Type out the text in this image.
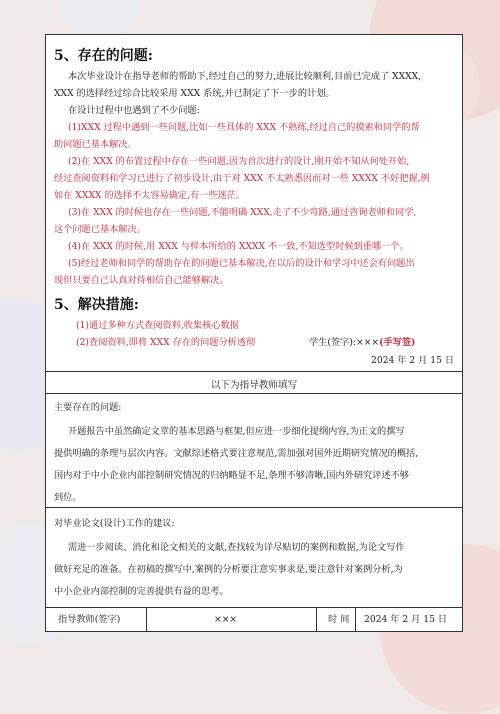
5、存在的问题:
本次毕业设计在指导老师的帮助下,经过自己的努力,进展比较顺利,目前已完成了 XXXX,
XXX 的选择经过综合比较采用 XXX 系统,并已制定了下一步的计划。
在设计过程中也遇到了不少问题:
(1)XXX 过程中遇到一些问题,比如一些具体的 XXX 不熟练,经过自己的摸索和同学的帮
助问题已基本解决。
(2)在 XXX 的布置过程中存在一些问题,因为首次进行的设计,刚开始不知从何处开始,
经过查阅资料和学习已进行了初步设计,由于对 XXX 不太熟悉因而对一些 XXXX 不好把握,例
如在 XXXX 的选择不太容易确定,有一些迷茫。
(3)在 XXX 的时候也存在一些问题,不能明确 XXX,走了不少弯路,通过咨询老师和同学,
这个问题已基本解决。
(4)在 XXX 的时候,用 XXX 与样本所给的 XXXX 不一致,不知选型时候到重哪一个。
(5)经过老师和同学的帮助存在的问题已基本解决,在以后的设计和学习中还会有问题出
现但只要自己认真对待相信自己能够解决。
5、解决措施:
(1)通过多种方式查阅资料,收集核心数据
(2)查阅资料,即将 XXX 存在的问题分析透彻	学生(签字):×××(手写签)
2024 年 2 月 15 日
以下为指导教师填写
主要存在的问题:
开题报告中虽然确定文章的基本思路与框架,但应进一步细化提纲内容,为正文的撰写
提供明确的条理与层次内容。文献综述格式要注意规范,需加强对国外近期研究情况的概括,
国内对于中小企业内部控制研究情况的归纳略显不足,条理不够清晰,国内外研究评述不够
到位。
对毕业论文(设计)工作的建议:
需进一步阅读、消化和论文相关的文献,查找较为详尽贴切的案例和数据,为论文写作
做好充足的准备。在初稿的撰写中,案例的分析要注意实事求是,要注意针对案例分析,为
中小企业内部控制的完善提供有益的思考。
指导教师(签字)	×××	时 间 2024 年 2 月 15 日
